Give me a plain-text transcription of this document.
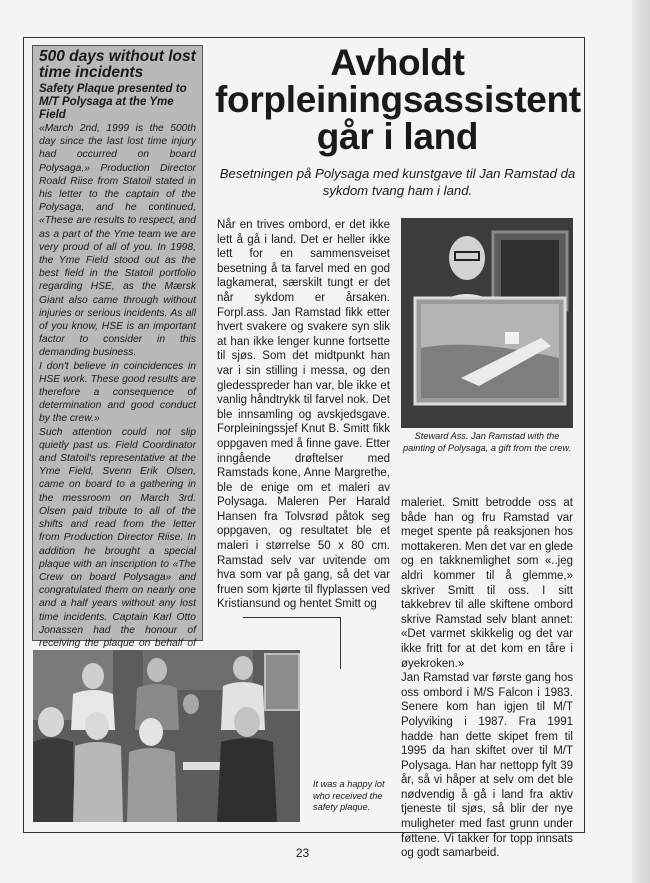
500 days without lost time incidents
Safety Plaque presented to M/T Polysaga at the Yme Field

«March 2nd, 1999 is the 500th day since the last lost time injury had occurred on board Polysaga,» Production Director Roald Riise from Statoil stated in his letter to the captain of the Polysaga, and he continued, «These are results to respect, and as a part of the Yme team we are very proud of all of you. In 1998, the Yme Field stood out as the best field in the Statoil portfolio regarding HSE, as the Mærsk Giant also came through without injuries or serious incidents. As all of you know, HSE is an important factor to consider in this demanding business.

I don't believe in coincidences in HSE work. These good results are therefore a consequence of determination and good conduct by the crew.»

Such attention could not slip quietly past us. Field Coordinator and Statoil's representative at the Yme Field, Svenn Erik Olsen, came on board to a gathering in the messroom on March 3rd. Olsen paid tribute to all of the shifts and read from the letter from Production Director Riise. In addition he brought a special plaque with an inscription to «The Crew on board Polysaga» and congratulated them on nearly one and a half years without any lost time incidents. Captain Karl Otto Jonassen had the honour of receiving the plaque on behalf of

Avholdt forpleiningsassistent går i land

Besetningen på Polysaga med kunstgave til Jan Ramstad da sykdom tvang ham i land.

Når en trives ombord, er det ikke lett å gå i land. Det er heller ikke lett for en sammensveiset besetning å ta farvel med en god lagkamerat, særskilt tungt er det når sykdom er årsaken. Forpl.ass. Jan Ramstad fikk etter hvert svakere og svakere syn slik at han ikke lenger kunne fortsette til sjøs. Som det midtpunkt han var i sin stilling i messa, og den gledesspreder han var, ble ikke et vanlig håndtrykk til farvel nok. Det ble innsamling og avskjedsgave. Forpleiningssjef Knut B. Smitt fikk oppgaven med å finne gave. Etter inngående drøftelser med Ramstads kone, Anne Margrethe, ble de enige om et maleri av Polysaga. Maleren Per Harald Hansen fra Tolvsrød påtok seg oppgaven, og resultatet ble et maleri i størrelse 50 x 80 cm. Ramstad selv var uvitende om hva som var på gang, så det var fruen som kjørte til flyplassen ved Kristiansund og hentet Smitt og

Steward Ass. Jan Ramstad with the painting of Polysaga, a gift from the crew.

maleriet. Smitt betrodde oss at både han og fru Ramstad var meget spente på reaksjonen hos mottakeren. Men det var en glede og en takknemlighet som «..jeg aldri kommer til å glemme,» skriver Smitt til oss. I sitt takkebrev til alle skiftene ombord skrive Ramstad selv blant annet: «Det varmet skikkelig og det var ikke fritt for at det kom en tåre i øyekroken.»

Jan Ramstad var første gang hos oss ombord i M/S Falcon i 1983. Senere kom han igjen til M/T Polyviking i 1987. Fra 1991 hadde han dette skipet frem til 1995 da han skiftet over til M/T Polysaga. Han har nettopp fylt 39 år, så vi håper at selv om det ble nødvendig å gå i land fra aktiv tjeneste til sjøs, så blir der nye muligheter med fast grunn under føttene. Vi takker for topp innsats og godt samarbeid.

It was a happy lot who received the safety plaque.

23
